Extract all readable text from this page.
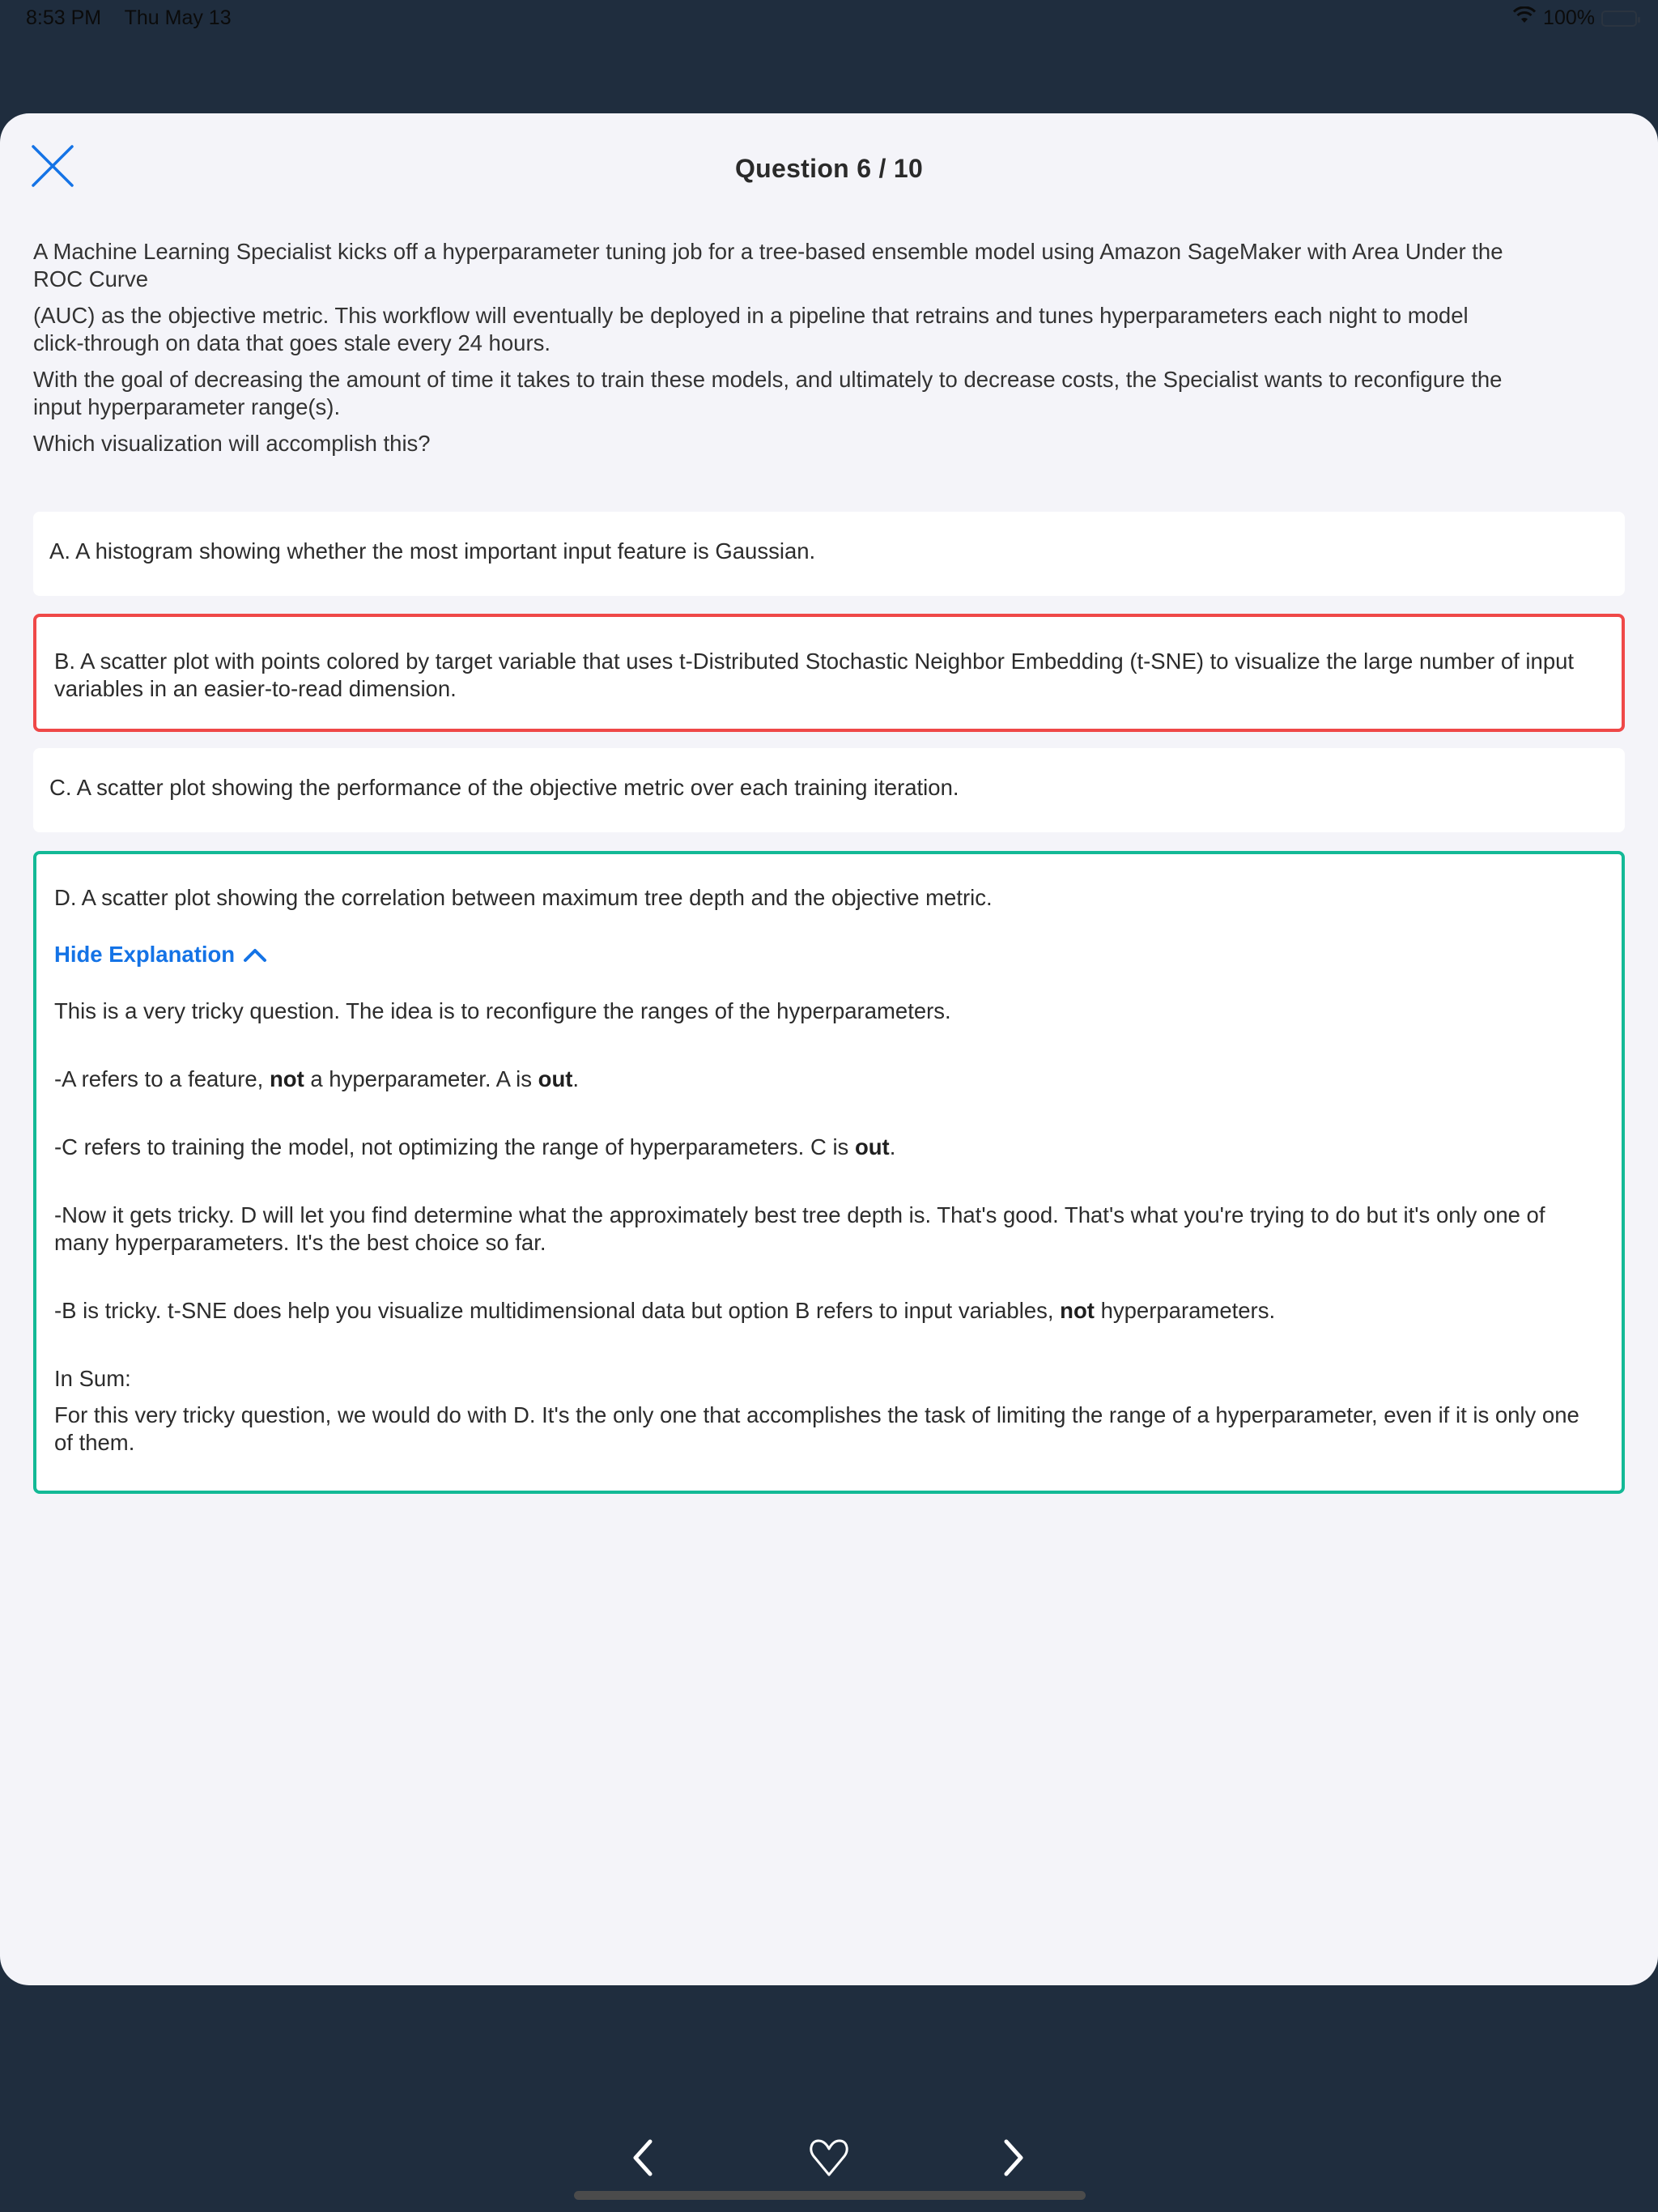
8:53 PM Thu May 13	100%
Question 6 / 10

A Machine Learning Specialist kicks off a hyperparameter tuning job for a tree-based ensemble model using Amazon SageMaker with Area Under the ROC Curve

(AUC) as the objective metric. This workflow will eventually be deployed in a pipeline that retrains and tunes hyperparameters each night to model click-through on data that goes stale every 24 hours.

With the goal of decreasing the amount of time it takes to train these models, and ultimately to decrease costs, the Specialist wants to reconfigure the input hyperparameter range(s).

Which visualization will accomplish this?

A. A histogram showing whether the most important input feature is Gaussian.
B. A scatter plot with points colored by target variable that uses t-Distributed Stochastic Neighbor Embedding (t-SNE) to visualize the large number of input variables in an easier-to-read dimension.
C. A scatter plot showing the performance of the objective metric over each training iteration.

D. A scatter plot showing the correlation between maximum tree depth and the objective metric.

Hide Explanation

This is a very tricky question. The idea is to reconfigure the ranges of the hyperparameters.

-A refers to a feature, not a hyperparameter. A is out.

-C refers to training the model, not optimizing the range of hyperparameters. C is out.

-Now it gets tricky. D will let you find determine what the approximately best tree depth is. That's good. That's what you're trying to do but it's only one of many hyperparameters. It's the best choice so far.

-B is tricky. t-SNE does help you visualize multidimensional data but option B refers to input variables, not hyperparameters.

In Sum:

For this very tricky question, we would do with D. It's the only one that accomplishes the task of limiting the range of a hyperparameter, even if it is only one of them.
